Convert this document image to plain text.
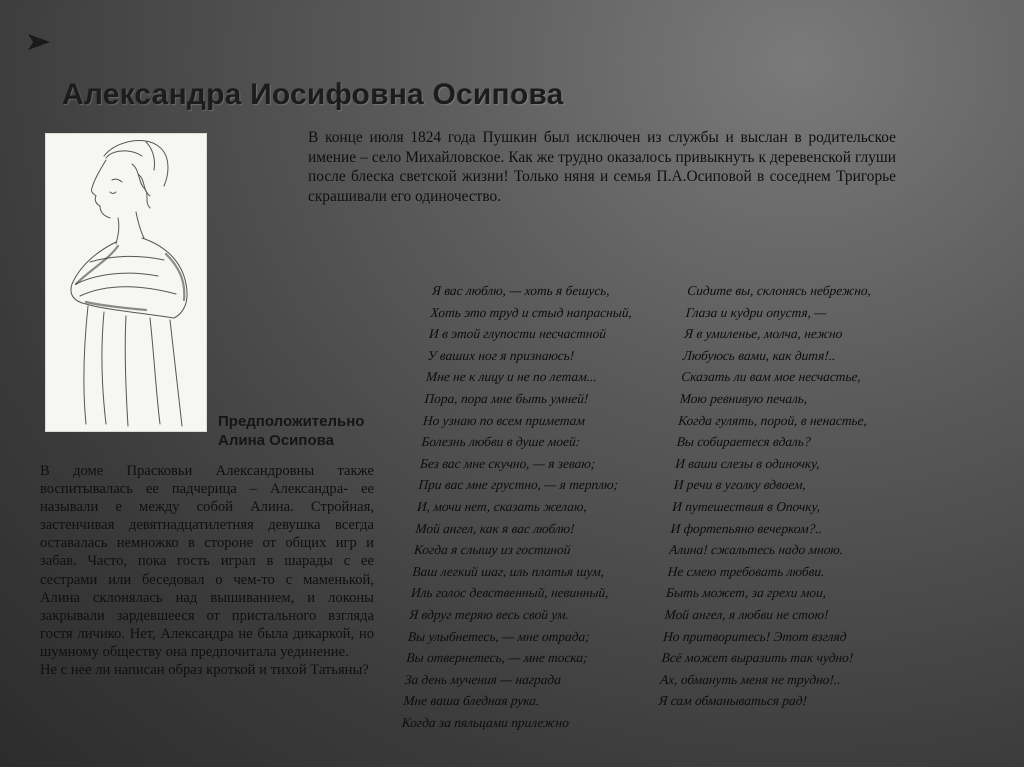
Александра Иосифовна Осипова
Предположительно
Алина Осипова

В конце июля 1824 года Пушкин был исключен из службы и выслан в родительское имение – село Михайловское. Как же трудно оказалось привыкнуть к деревенской глуши после блеска светской жизни! Только няня и семья П.А.Осиповой в соседнем Тригорье скрашивали его одиночество.

В доме Прасковьи Александровны также воспитывалась ее падчерица – Александра- ее называли е между собой Алина. Стройная, застенчивая девятнадцатилетняя девушка всегда оставалась немножко в стороне от общих игр и забав. Часто, пока гость играл в шарады с ее сестрами или беседовал о чем-то с маменькой, Алина склонялась над вышиванием, и локоны закрывали зардевшееся от пристального взгляда гостя личико. Нет, Александра не была дикаркой, но шумному обществу она предпочитала уединение.

Не с нее ли написан образ кроткой и тихой Татьяны?

Я вас люблю, — хоть я бешусь,
Хоть это труд и стыд напрасный,
И в этой глупости несчастной
У ваших ног я признаюсь!
Мне не к лицу и не по летам...
Пора, пора мне быть умней!
Но узнаю по всем приметам
Болезнь любви в душе моей:
Без вас мне скучно, — я зеваю;
При вас мне грустно, — я терплю;
И, мочи нет, сказать желаю,
Мой ангел, как я вас люблю!
Когда я слышу из гостиной
Ваш легкий шаг, иль платья шум,
Иль голос девственный, невинный,
Я вдруг теряю весь свой ум.
Вы улыбнетесь, — мне отрада;
Вы отвернетесь, — мне тоска;
За день мучения — награда
Мне ваша бледная рука.
Когда за пяльцами прилежно
Сидите вы, склонясь небрежно,
Глаза и кудри опустя, —
Я в умиленье, молча, нежно
Любуюсь вами, как дитя!..
Сказать ли вам мое несчастье,
Мою ревнивую печаль,
Когда гулять, порой, в ненастье,
Вы собираетеся вдаль?
И ваши слезы в одиночку,
И речи в уголку вдвоем,
И путешествия в Опочку,
И фортепьяно вечерком?..
Алина! сжальтесь надо мною.
Не смею требовать любви.
Быть может, за грехи мои,
Мой ангел, я любви не стою!
Но притворитесь! Этот взгляд
Всё может выразить так чудно!
Ах, обмануть меня не трудно!..
Я сам обманываться рад!
